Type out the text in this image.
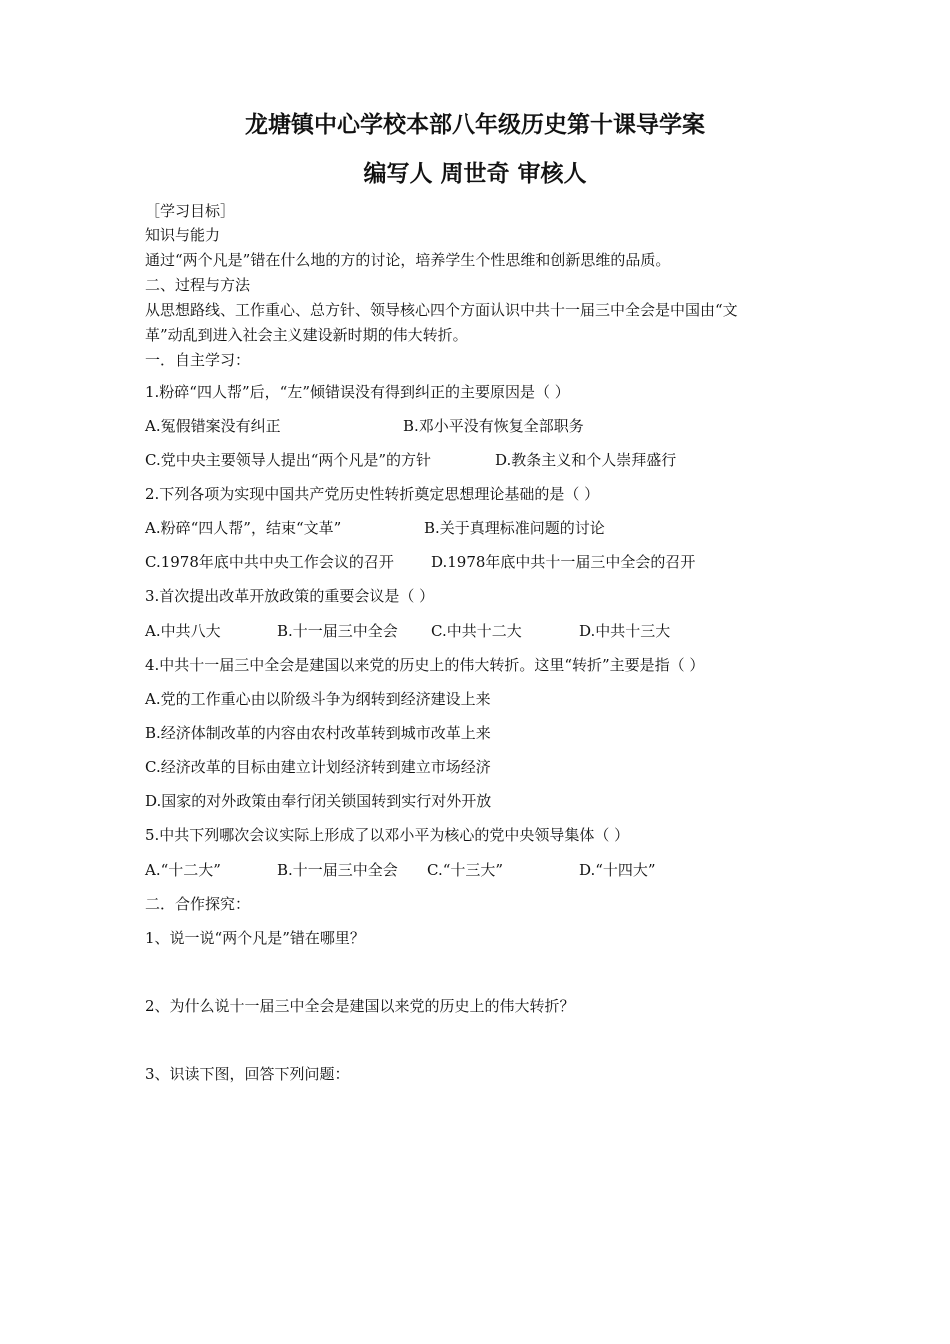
龙塘镇中心学校本部八年级历史第十课导学案
编写人 周世奇 审核人
［学习目标］
知识与能力
通过“两个凡是”错在什么地的方的讨论，培养学生个性思维和创新思维的品质。
二、过程与方法
从思想路线、工作重心、总方针、领导核心四个方面认识中共十一届三中全会是中国由“文
革”动乱到进入社会主义建设新时期的伟大转折。
一．自主学习：
1.粉碎“四人帮”后，“左”倾错误没有得到纠正的主要原因是（ ）
A.冤假错案没有纠正	B.邓小平没有恢复全部职务
C.党中央主要领导人提出“两个凡是”的方针	D.教条主义和个人崇拜盛行
2.下列各项为实现中国共产党历史性转折奠定思想理论基础的是（ ）
A.粉碎“四人帮”，结束“文革”	B.关于真理标准问题的讨论
C.1978年底中共中央工作会议的召开 D.1978年底中共十一届三中全会的召开
3.首次提出改革开放政策的重要会议是（ ）
A.中共八大	B.十一届三中全会 C.中共十二大	D.中共十三大
4.中共十一届三中全会是建国以来党的历史上的伟大转折。这里“转折”主要是指（ ）
A.党的工作重心由以阶级斗争为纲转到经济建设上来
B.经济体制改革的内容由农村改革转到城市改革上来
C.经济改革的目标由建立计划经济转到建立市场经济
D.国家的对外政策由奉行闭关锁国转到实行对外开放
5.中共下列哪次会议实际上形成了以邓小平为核心的党中央领导集体（ ）
A.“十二大”	B.十一届三中全会 C.“十三大”	D.“十四大”
二．合作探究：
1、说一说“两个凡是”错在哪里？
2、为什么说十一届三中全会是建国以来党的历史上的伟大转折？
3、识读下图，回答下列问题：
